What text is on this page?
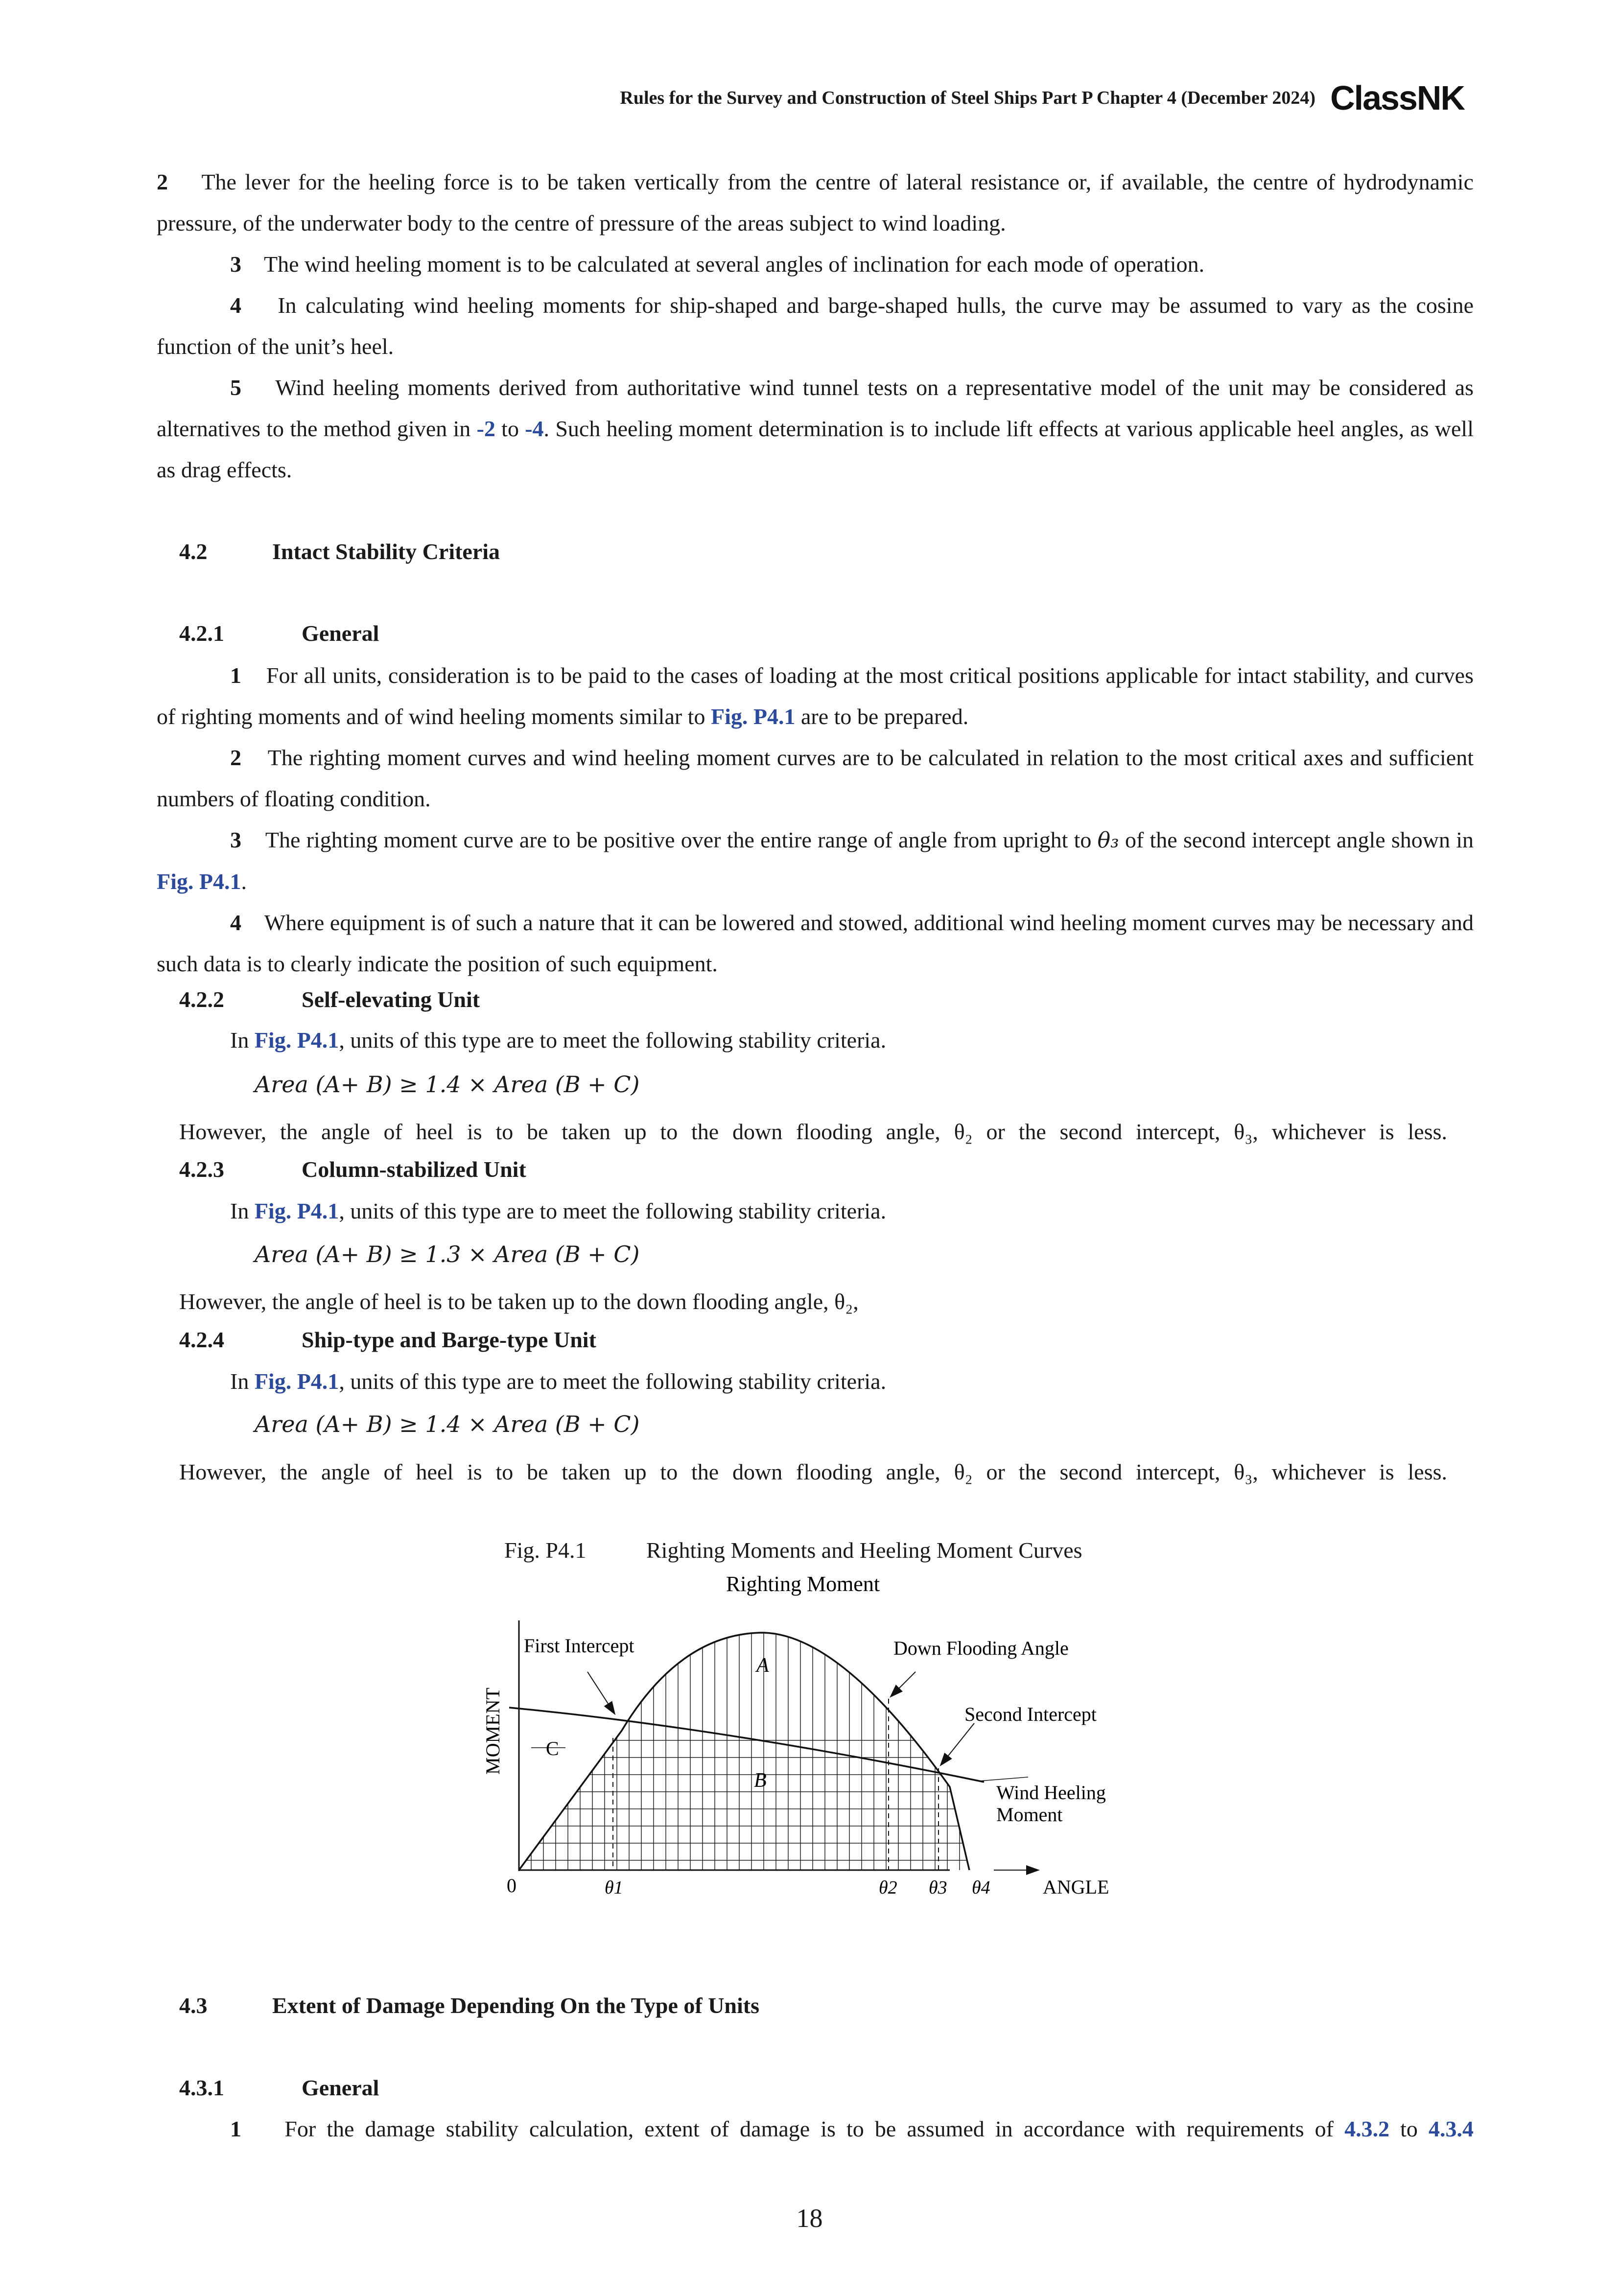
Rules for the Survey and Construction of Steel Ships Part P Chapter 4 (December 2024) ClassNK

2 The lever for the heeling force is to be taken vertically from the centre of lateral resistance or, if available, the centre of hydrodynamic pressure, of the underwater body to the centre of pressure of the areas subject to wind loading.

3 The wind heeling moment is to be calculated at several angles of inclination for each mode of operation.

4 In calculating wind heeling moments for ship-shaped and barge-shaped hulls, the curve may be assumed to vary as the cosine function of the unit’s heel.

5 Wind heeling moments derived from authoritative wind tunnel tests on a representative model of the unit may be considered as alternatives to the method given in -2 to -4. Such heeling moment determination is to include lift effects at various applicable heel angles, as well as drag effects.

4.2	Intact Stability Criteria
4.2.1	General

1 For all units, consideration is to be paid to the cases of loading at the most critical positions applicable for intact stability, and curves of righting moments and of wind heeling moments similar to Fig. P4.1 are to be prepared.

2 The righting moment curves and wind heeling moment curves are to be calculated in relation to the most critical axes and sufficient numbers of floating condition.

3 The righting moment curve are to be positive over the entire range of angle from upright to θ₃ of the second intercept angle shown in Fig. P4.1.

4 Where equipment is of such a nature that it can be lowered and stowed, additional wind heeling moment curves may be necessary and such data is to clearly indicate the position of such equipment.

4.2.2	Self-elevating Unit
In Fig. P4.1, units of this type are to meet the following stability criteria.
Area (A+ B) ≥ 1.4 × Area (B + C)
However, the angle of heel is to be taken up to the down flooding angle, θ₂ or the second intercept, θ₃, whichever is less.
4.2.3	Column-stabilized Unit
In Fig. P4.1, units of this type are to meet the following stability criteria.
Area (A+ B) ≥ 1.3 × Area (B + C)
However, the angle of heel is to be taken up to the down flooding angle, θ₂,
4.2.4	Ship-type and Barge-type Unit
In Fig. P4.1, units of this type are to meet the following stability criteria.
Area (A+ B) ≥ 1.4 × Area (B + C)
However, the angle of heel is to be taken up to the down flooding angle, θ₂ or the second intercept, θ₃, whichever is less.
Fig. P4.1	Righting Moments and Heeling Moment Curves
Righting Moment
First Intercept	Down Flooding Angle
Second Intercept
Wind Heeling
Moment
A
B
C
MOMENT
0	θ1	θ2 θ3 θ4	ANGLE
4.3	Extent of Damage Depending On the Type of Units
4.3.1	General

1 For the damage stability calculation, extent of damage is to be assumed in accordance with requirements of 4.3.2 to 4.3.4

18
